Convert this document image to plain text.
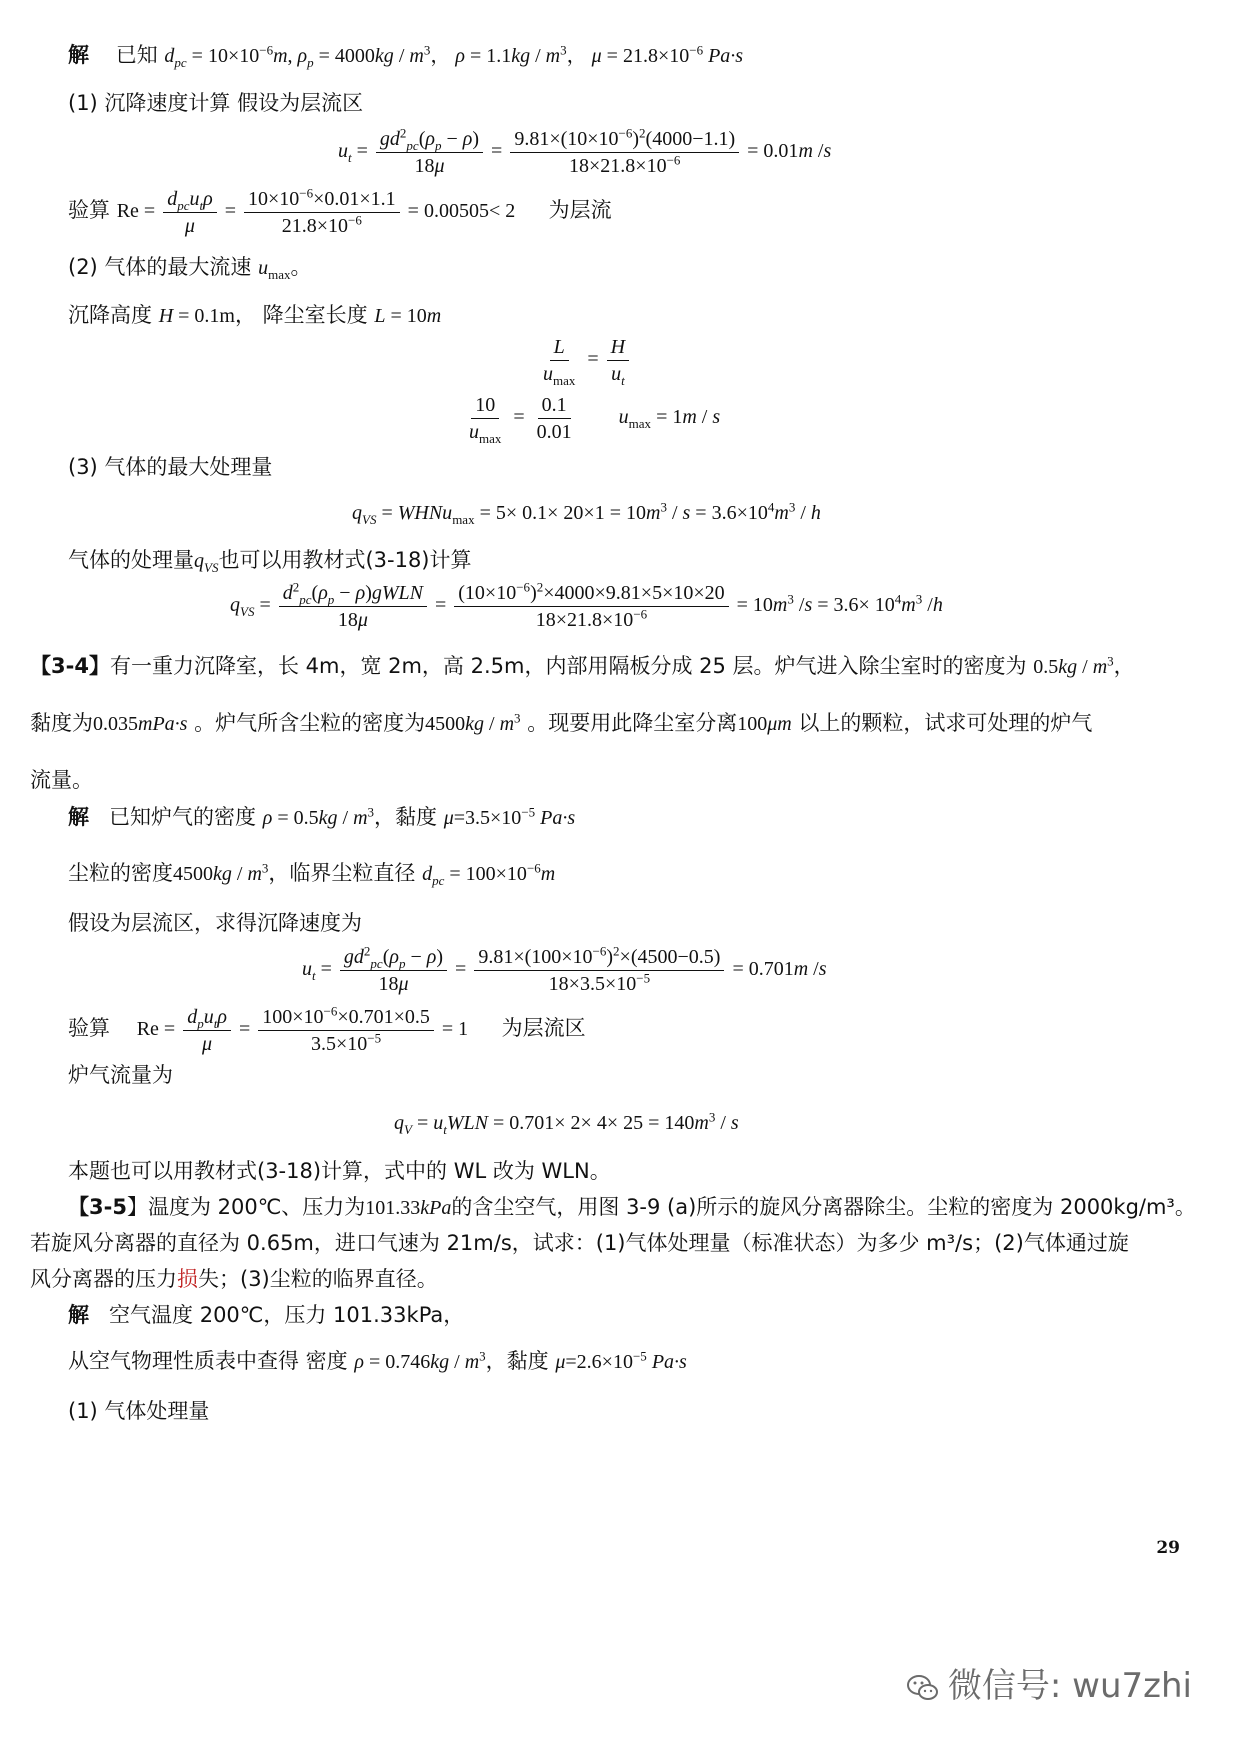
解 已知 $d_{pc} = 10\times 10^{-6}m$, $\rho_p = 4000kg / m^3$， $\rho = 1.1kg / m^3$， $\mu = 21.8\times 10^{-6}$ Pa·s
(1) 沉降速度计算 假设为层流区
$u_t = \frac{gd^2_{pc}(\rho_p - \rho)}{18\mu} = \frac{9.81\times(10\times 10^{-6})^2(4000-1.1)}{18\times 21.8\times 10^{-6}} = 0.01m$ /s
验算 $Re = \frac{d_{pc}u_t\rho}{\mu} = \frac{10\times 10^{-6}\times 0.01\times 1.1}{21.8\times 10^{-6}} = 0.00505< 2$ 为层流
(2) 气体的最大流速 $u_{max}$。
沉降高度 H = 0.1m， 降尘室长度 L = 10m
$\frac{L}{u_{max}} = \frac{H}{u_t}$
$\frac{10}{u_{max}} = \frac{0.1}{0.01} u_{max} = 1m / s$
(3) 气体的最大处理量
$q_{VS}$ = WHNu$_{max}$ = $5\times 0.1\times 20\times 1 = 10m^3 / s = 3.6\times 10^4m^3 / h$
气体的处理量$q_{VS}$也可以用教材式(3-18)计算
$q_{VS} = \frac{d^2_{pc}(\rho_p - \rho)gWLN}{18\mu} = \frac{(10\times 10^{-6})^2\times 4000\times 9.81\times 5\times 10\times 20}{18\times 21.8\times 10^{-6}} = 10m^3$ $/s = 3.6\times 10^4m^3$ /h
【3-4】有一重力沉降室，长 4m，宽 2m，高 2.5m，内部用隔板分成 25 层。炉气进入除尘室时的密度为 $0.5kg / m^3$，
黏度为0.035mPa·s 。炉气所含尘粒的密度为$4500kg / m^3$ 。现要用此降尘室分离100μm 以上的颗粒，试求可处理的炉气
流量。
解 已知炉气的密度 $\rho = 0.5kg / m^3$，黏度 $\mu=3.5\times 10^{-5}$ Pa·s
尘粒的密度$4500kg / m^3$，临界尘粒直径 $d_{pc} = 100\times 10^{-6}m$
假设为层流区，求得沉降速度为
$u_t = \frac{gd^2_{pc}(\rho_p - \rho)}{18\mu} = \frac{9.81\times(100\times 10^{-6})^2\times(4500-0.5)}{18\times 3.5\times 10^{-5}} = 0.701m$ /s
验算 $Re = \frac{d_pu_t\rho}{\mu} = \frac{100\times 10^{-6}\times 0.701\times 0.5}{3.5\times 10^{-5}} = 1$ 为层流区
炉气流量为
$q_V = u_tWLN = 0.701\times 2\times 4\times 25 = 140m^3 / s$
本题也可以用教材式(3-18)计算，式中的 WL 改为 WLN。
【3-5】温度为 200℃、压力为101.33kPa的含尘空气，用图 3-9 (a)所示的旋风分离器除尘。尘粒的密度为 2000kg/m³。
若旋风分离器的直径为 0.65m，进口气速为 21m/s，试求：(1)气体处理量（标准状态）为多少 m³/s；(2)气体通过旋
风分离器的压力损失；(3)尘粒的临界直径。
解 空气温度 200℃，压力 101.33kPa，
从空气物理性质表中查得 密度 $\rho = 0.746kg / m^3$，黏度 $\mu=2.6\times 10^{-5}$ Pa·s
(1) 气体处理量
29
微信号: wu7zhi
